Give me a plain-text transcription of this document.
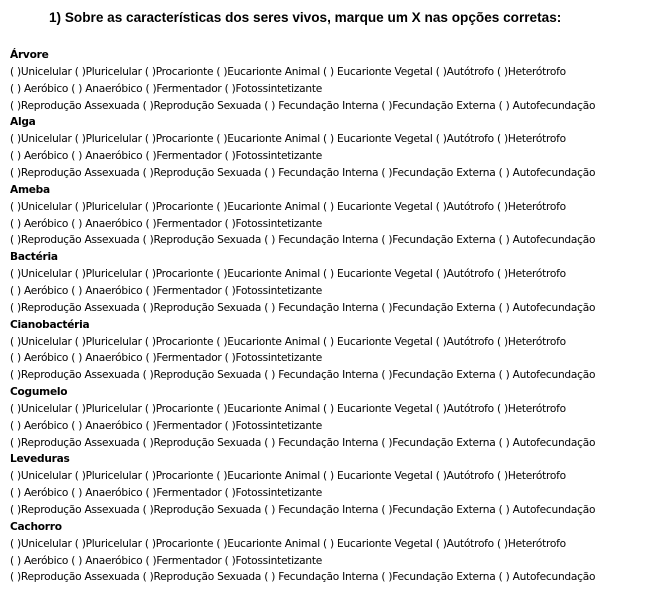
1) Sobre as características dos seres vivos, marque um X nas opções corretas:
Árvore
( )Unicelular ( )Pluricelular ( )Procarionte ( )Eucarionte Animal ( ) Eucarionte Vegetal ( )Autótrofo ( )Heterótrofo
( ) Aeróbico ( ) Anaeróbico ( )Fermentador ( )Fotossintetizante
( )Reprodução Assexuada ( )Reprodução Sexuada ( ) Fecundação Interna ( )Fecundação Externa ( ) Autofecundação
Alga
( )Unicelular ( )Pluricelular ( )Procarionte ( )Eucarionte Animal ( ) Eucarionte Vegetal ( )Autótrofo ( )Heterótrofo
( ) Aeróbico ( ) Anaeróbico ( )Fermentador ( )Fotossintetizante
( )Reprodução Assexuada ( )Reprodução Sexuada ( ) Fecundação Interna ( )Fecundação Externa ( ) Autofecundação
Ameba
( )Unicelular ( )Pluricelular ( )Procarionte ( )Eucarionte Animal ( ) Eucarionte Vegetal ( )Autótrofo ( )Heterótrofo
( ) Aeróbico ( ) Anaeróbico ( )Fermentador ( )Fotossintetizante
( )Reprodução Assexuada ( )Reprodução Sexuada ( ) Fecundação Interna ( )Fecundação Externa ( ) Autofecundação
Bactéria
( )Unicelular ( )Pluricelular ( )Procarionte ( )Eucarionte Animal ( ) Eucarionte Vegetal ( )Autótrofo ( )Heterótrofo
( ) Aeróbico ( ) Anaeróbico ( )Fermentador ( )Fotossintetizante
( )Reprodução Assexuada ( )Reprodução Sexuada ( ) Fecundação Interna ( )Fecundação Externa ( ) Autofecundação
Cianobactéria
( )Unicelular ( )Pluricelular ( )Procarionte ( )Eucarionte Animal ( ) Eucarionte Vegetal ( )Autótrofo ( )Heterótrofo
( ) Aeróbico ( ) Anaeróbico ( )Fermentador ( )Fotossintetizante
( )Reprodução Assexuada ( )Reprodução Sexuada ( ) Fecundação Interna ( )Fecundação Externa ( ) Autofecundação
Cogumelo
( )Unicelular ( )Pluricelular ( )Procarionte ( )Eucarionte Animal ( ) Eucarionte Vegetal ( )Autótrofo ( )Heterótrofo
( ) Aeróbico ( ) Anaeróbico ( )Fermentador ( )Fotossintetizante
( )Reprodução Assexuada ( )Reprodução Sexuada ( ) Fecundação Interna ( )Fecundação Externa ( ) Autofecundação
Leveduras
( )Unicelular ( )Pluricelular ( )Procarionte ( )Eucarionte Animal ( ) Eucarionte Vegetal ( )Autótrofo ( )Heterótrofo
( ) Aeróbico ( ) Anaeróbico ( )Fermentador ( )Fotossintetizante
( )Reprodução Assexuada ( )Reprodução Sexuada ( ) Fecundação Interna ( )Fecundação Externa ( ) Autofecundação
Cachorro
( )Unicelular ( )Pluricelular ( )Procarionte ( )Eucarionte Animal ( ) Eucarionte Vegetal ( )Autótrofo ( )Heterótrofo
( ) Aeróbico ( ) Anaeróbico ( )Fermentador ( )Fotossintetizante
( )Reprodução Assexuada ( )Reprodução Sexuada ( ) Fecundação Interna ( )Fecundação Externa ( ) Autofecundação
